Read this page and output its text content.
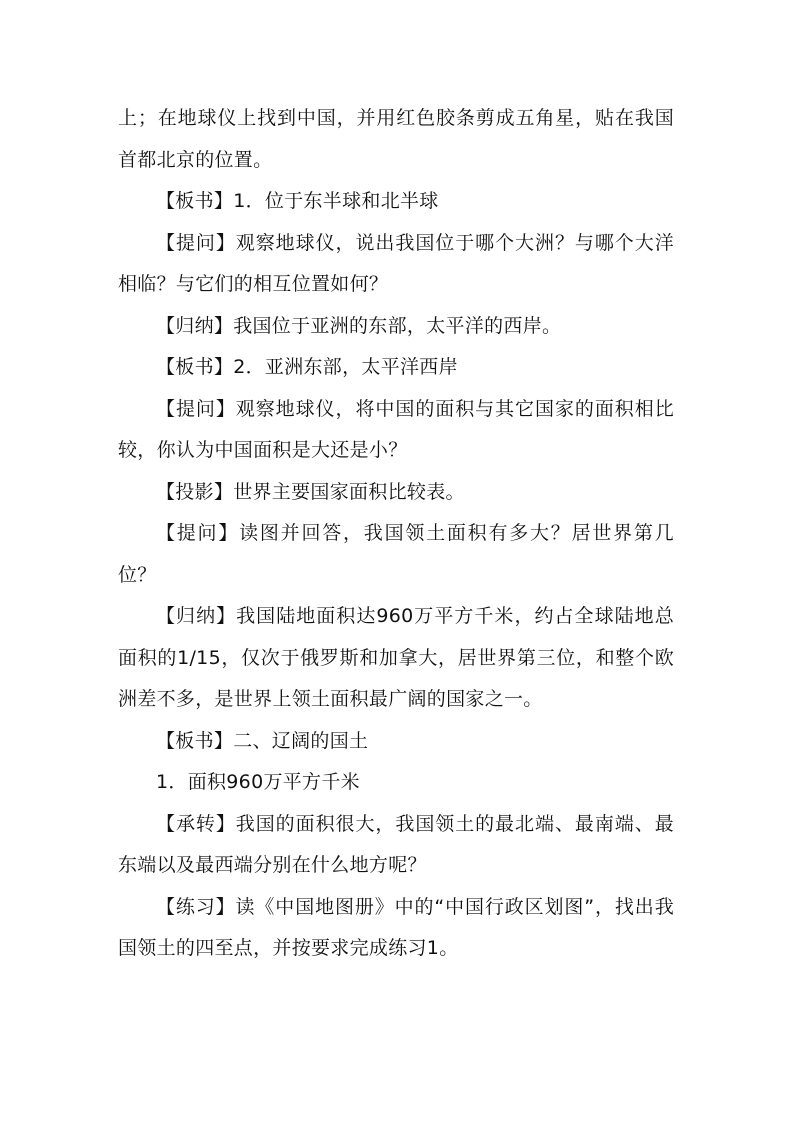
上；在地球仪上找到中国，并用红色胶条剪成五角星，贴在我国首都北京的位置。

【板书】1．位于东半球和北半球

【提问】观察地球仪，说出我国位于哪个大洲？与哪个大洋相临？与它们的相互位置如何？

【归纳】我国位于亚洲的东部，太平洋的西岸。

【板书】2．亚洲东部，太平洋西岸

【提问】观察地球仪，将中国的面积与其它国家的面积相比较，你认为中国面积是大还是小？

【投影】世界主要国家面积比较表。

【提问】读图并回答，我国领土面积有多大？居世界第几位？

【归纳】我国陆地面积达960万平方千米，约占全球陆地总面积的1/15，仅次于俄罗斯和加拿大，居世界第三位，和整个欧洲差不多，是世界上领土面积最广阔的国家之一。

【板书】二、辽阔的国土

1．面积960万平方千米

【承转】我国的面积很大，我国领土的最北端、最南端、最东端以及最西端分别在什么地方呢？

【练习】读《中国地图册》中的“中国行政区划图”，找出我国领土的四至点，并按要求完成练习1。
